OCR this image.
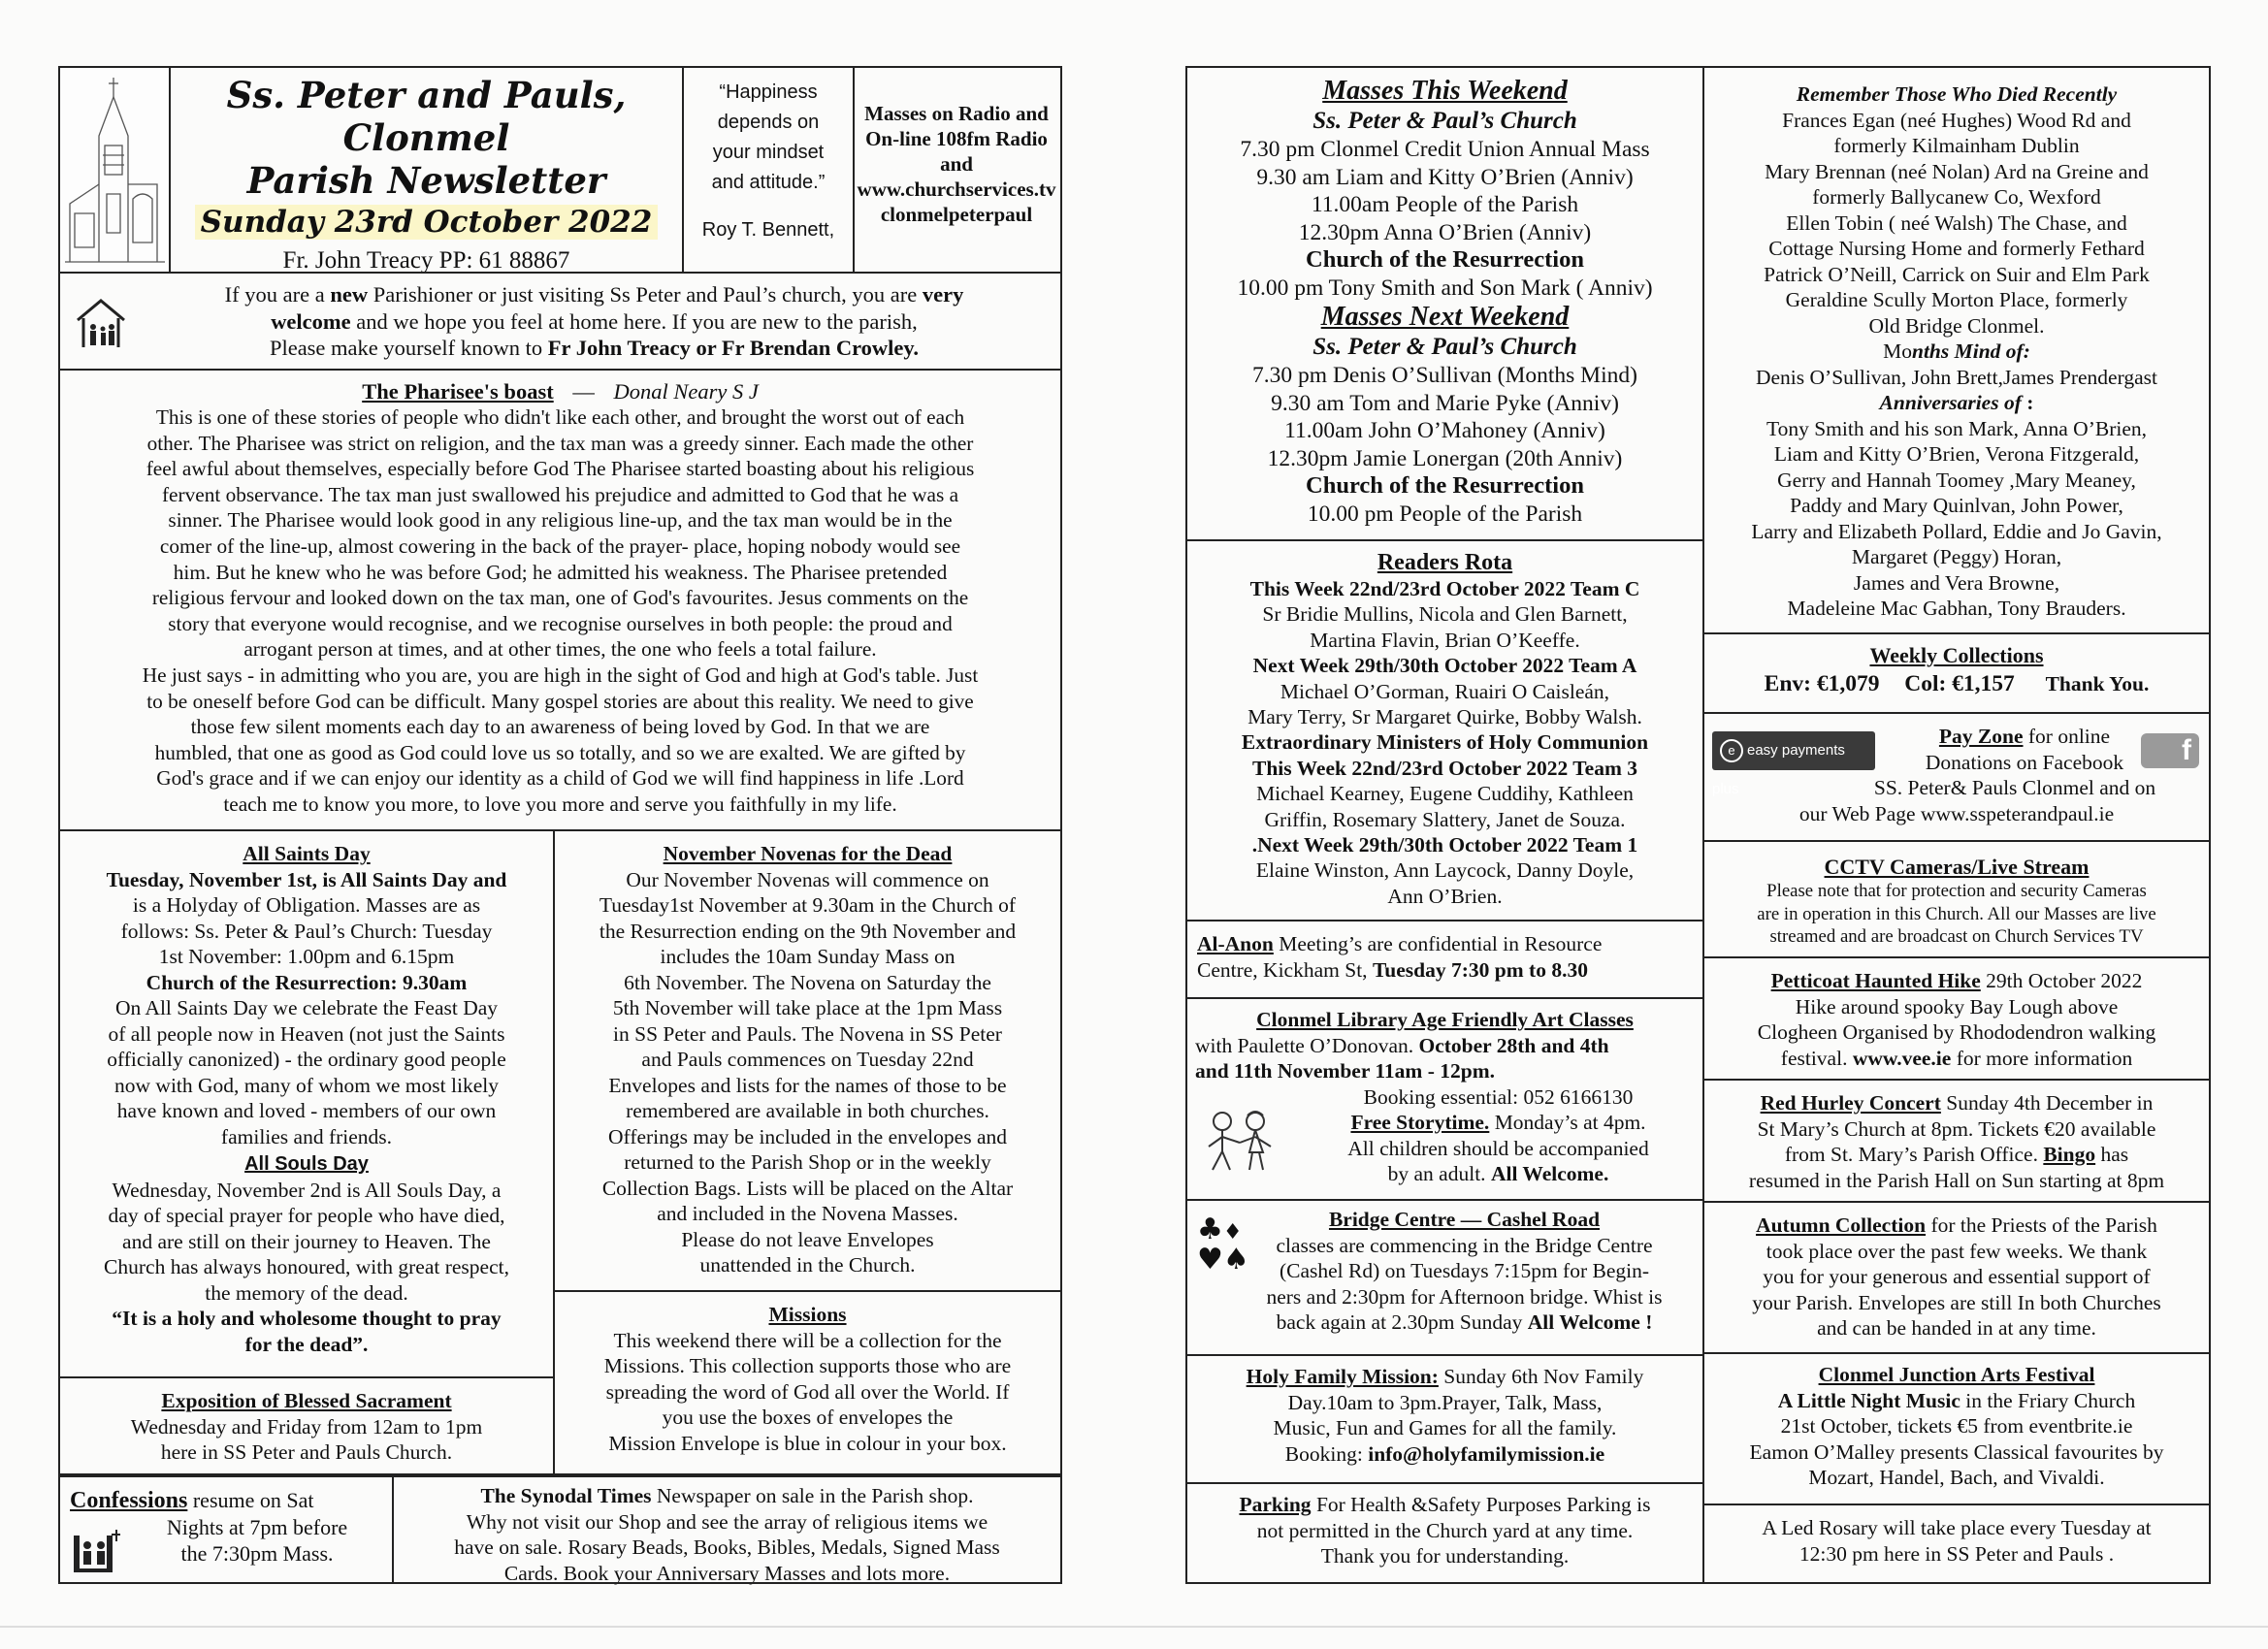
Ss. Peter and Pauls, Clonmel
Parish Newsletter
Sunday 23rd October 2022
Fr. John Treacy PP: 61 88867
“Happiness
depends on
your mindset
and attitude.”
Roy T. Bennett,
Masses on Radio and
On-line 108fm Radio
and
www.churchservices.tv
clonmelpeterpaul
If you are a new Parishioner or just visiting Ss Peter and Paul’s church, you are very
welcome and we hope you feel at home here. If you are new to the parish,
Please make yourself known to Fr John Treacy or Fr Brendan Crowley.
The Pharisee's boast — Donal Neary S J
This is one of these stories of people who didn't like each other, and brought the worst out of each
other. The Pharisee was strict on religion, and the tax man was a greedy sinner. Each made the other
feel awful about themselves, especially before God The Pharisee started boasting about his religious
fervent observance. The tax man just swallowed his prejudice and admitted to God that he was a
sinner. The Pharisee would look good in any religious line-up, and the tax man would be in the
comer of the line-up, almost cowering in the back of the prayer- place, hoping nobody would see
him. But he knew who he was before God; he admitted his weakness. The Pharisee pretended
religious fervour and looked down on the tax man, one of God's favourites. Jesus comments on the
story that everyone would recognise, and we recognise ourselves in both people: the proud and
arrogant person at times, and at other times, the one who feels a total failure.
He just says - in admitting who you are, you are high in the sight of God and high at God's table. Just
to be oneself before God can be difficult. Many gospel stories are about this reality. We need to give
those few silent moments each day to an awareness of being loved by God. In that we are
humbled, that one as good as God could love us so totally, and so we are exalted. We are gifted by
God's grace and if we can enjoy our identity as a child of God we will find happiness in life .Lord
teach me to know you more, to love you more and serve you faithfully in my life.
All Saints Day
Tuesday, November 1st, is All Saints Day and
is a Holyday of Obligation. Masses are as
follows: Ss. Peter & Paul’s Church: Tuesday
1st November: 1.00pm and 6.15pm
Church of the Resurrection: 9.30am
On All Saints Day we celebrate the Feast Day
of all people now in Heaven (not just the Saints
officially canonized) - the ordinary good people
now with God, many of whom we most likely
have known and loved - members of our own
families and friends.
All Souls Day
Wednesday, November 2nd is All Souls Day, a
day of special prayer for people who have died,
and are still on their journey to Heaven. The
Church has always honoured, with great respect,
the memory of the dead.
“It is a holy and wholesome thought to pray
for the dead”.
Exposition of Blessed Sacrament
Wednesday and Friday from 12am to 1pm
here in SS Peter and Pauls Church.
November Novenas for the Dead
Our November Novenas will commence on
Tuesday1st November at 9.30am in the Church of
the Resurrection ending on the 9th November and
includes the 10am Sunday Mass on
6th November. The Novena on Saturday the
5th November will take place at the 1pm Mass
in SS Peter and Pauls. The Novena in SS Peter
and Pauls commences on Tuesday 22nd
Envelopes and lists for the names of those to be
remembered are available in both churches.
Offerings may be included in the envelopes and
returned to the Parish Shop or in the weekly
Collection Bags. Lists will be placed on the Altar
and included in the Novena Masses.
Please do not leave Envelopes
unattended in the Church.
Missions
This weekend there will be a collection for the
Missions. This collection supports those who are
spreading the word of God all over the World. If
you use the boxes of envelopes the
Mission Envelope is blue in colour in your box.
Confessions resume on Sat
Nights at 7pm before
the 7:30pm Mass.
The Synodal Times Newspaper on sale in the Parish shop.
Why not visit our Shop and see the array of religious items we
have on sale. Rosary Beads, Books, Bibles, Medals, Signed Mass
Cards. Book your Anniversary Masses and lots more.
Masses This Weekend
Ss. Peter & Paul’s Church
7.30 pm Clonmel Credit Union Annual Mass
9.30 am Liam and Kitty O’Brien (Anniv)
11.00am People of the Parish
12.30pm Anna O’Brien (Anniv)
Church of the Resurrection
10.00 pm Tony Smith and Son Mark ( Anniv)
Masses Next Weekend
Ss. Peter & Paul’s Church
7.30 pm Denis O’Sullivan (Months Mind)
9.30 am Tom and Marie Pyke (Anniv)
11.00am John O’Mahoney (Anniv)
12.30pm Jamie Lonergan (20th Anniv)
Church of the Resurrection
10.00 pm People of the Parish
Readers Rota
This Week 22nd/23rd October 2022 Team C
Sr Bridie Mullins, Nicola and Glen Barnett,
Martina Flavin, Brian O’Keeffe.
Next Week 29th/30th October 2022 Team A
Michael O’Gorman, Ruairi O Caisleán,
Mary Terry, Sr Margaret Quirke, Bobby Walsh.
Extraordinary Ministers of Holy Communion
This Week 22nd/23rd October 2022 Team 3
Michael Kearney, Eugene Cuddihy, Kathleen
Griffin, Rosemary Slattery, Janet de Souza.
.Next Week 29th/30th October 2022 Team 1
Elaine Winston, Ann Laycock, Danny Doyle,
Ann O’Brien.
Al-Anon Meeting’s are confidential in Resource
Centre, Kickham St, Tuesday 7:30 pm to 8.30
Clonmel Library Age Friendly Art Classes
with Paulette O’Donovan. October 28th and 4th
and 11th November 11am - 12pm.
Booking essential: 052 6166130
Free Storytime. Monday’s at 4pm.
All children should be accompanied
by an adult. All Welcome.
♣♦
♥♠
Bridge Centre — Cashel Road
classes are commencing in the Bridge Centre
(Cashel Rd) on Tuesdays 7:15pm for Begin-
ners and 2:30pm for Afternoon bridge. Whist is
back again at 2.30pm Sunday All Welcome !
Holy Family Mission: Sunday 6th Nov Family
Day.10am to 3pm.Prayer, Talk, Mass,
Music, Fun and Games for all the family.
Booking: info@holyfamilymission.ie
Parking For Health &Safety Purposes Parking is
not permitted in the Church yard at any time.
Thank you for understanding.
Remember Those Who Died Recently
Frances Egan (neé Hughes) Wood Rd and
formerly Kilmainham Dublin
Mary Brennan (neé Nolan) Ard na Greine and
formerly Ballycanew Co, Wexford
Ellen Tobin ( neé Walsh) The Chase, and
Cottage Nursing Home and formerly Fethard
Patrick O’Neill, Carrick on Suir and Elm Park
Geraldine Scully Morton Place, formerly
Old Bridge Clonmel.
Months Mind of:
Denis O’Sullivan, John Brett,James Prendergast
Anniversaries of :
Tony Smith and his son Mark, Anna O’Brien,
Liam and Kitty O’Brien, Verona Fitzgerald,
Gerry and Hannah Toomey ,Mary Meaney,
Paddy and Mary Quinlvan, John Power,
Larry and Elizabeth Pollard, Eddie and Jo Gavin,
Margaret (Peggy) Horan,
James and Vera Browne,
Madeleine Mac Gabhan, Tony Brauders.
Weekly Collections
Env: €1,079 Col: €1,157 Thank You.
e easy payments plus
f
Pay Zone for online
Donations on Facebook
SS. Peter& Pauls Clonmel and on
our Web Page www.sspeterandpaul.ie
CCTV Cameras/Live Stream
Please note that for protection and security Cameras
are in operation in this Church. All our Masses are live
streamed and are broadcast on Church Services TV
Petticoat Haunted Hike 29th October 2022
Hike around spooky Bay Lough above
Clogheen Organised by Rhododendron walking
festival. www.vee.ie for more information
Red Hurley Concert Sunday 4th December in
St Mary’s Church at 8pm. Tickets €20 available
from St. Mary’s Parish Office. Bingo has
resumed in the Parish Hall on Sun starting at 8pm
Autumn Collection for the Priests of the Parish
took place over the past few weeks. We thank
you for your generous and essential support of
your Parish. Envelopes are still In both Churches
and can be handed in at any time.
Clonmel Junction Arts Festival
A Little Night Music in the Friary Church
21st October, tickets €5 from eventbrite.ie
Eamon O’Malley presents Classical favourites by
Mozart, Handel, Bach, and Vivaldi.
A Led Rosary will take place every Tuesday at
12:30 pm here in SS Peter and Pauls .
